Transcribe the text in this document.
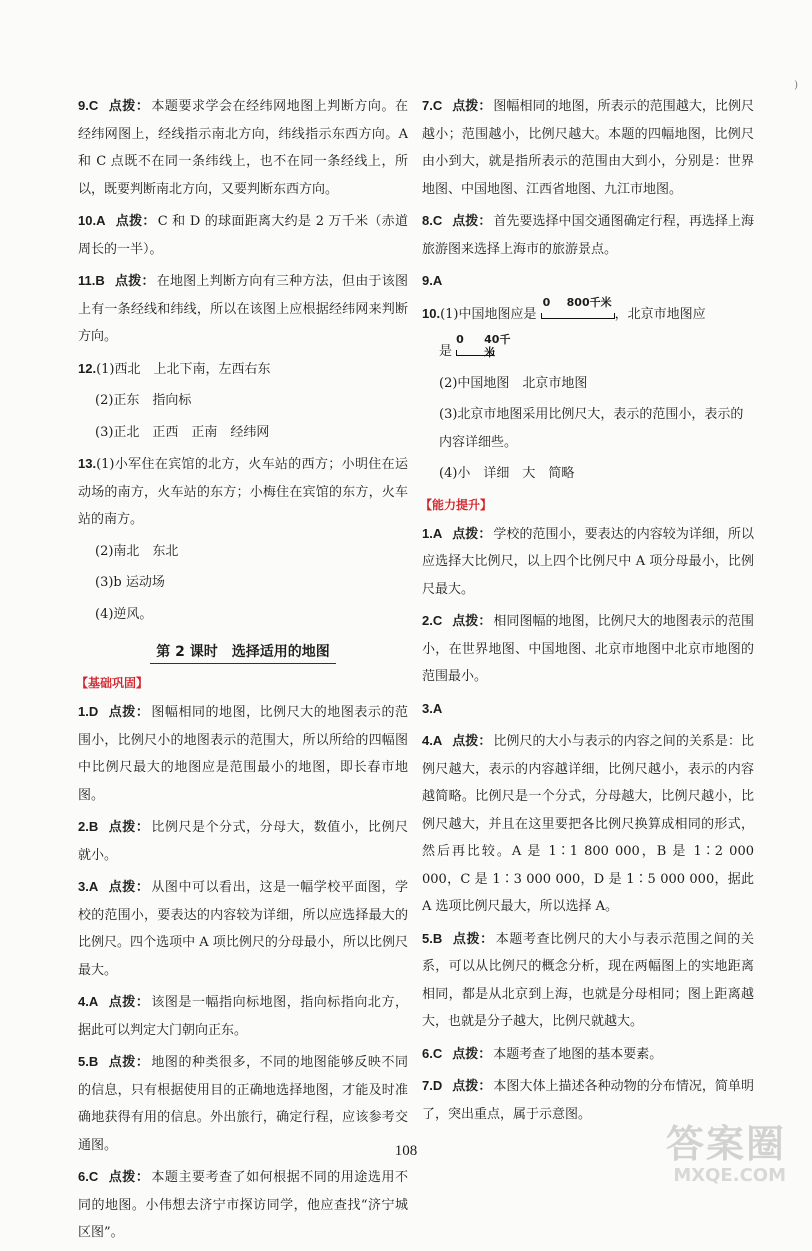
)
9.C 点拨： 本题要求学会在经纬网地图上判断方向。在经纬网图上，经线指示南北方向，纬线指示东西方向。A 和 C 点既不在同一条纬线上，也不在同一条经线上，所以，既要判断南北方向，又要判断东西方向。
10.A 点拨： C 和 D 的球面距离大约是 2 万千米（赤道周长的一半）。
11.B 点拨： 在地图上判断方向有三种方法，但由于该图上有一条经线和纬线，所以在该图上应根据经纬网来判断方向。
12.(1)西北　上北下南，左西右东
(2)正东　指向标
(3)正北　正西　正南　经纬网
13.(1)小军住在宾馆的北方，火车站的西方；小明住在运动场的南方，火车站的东方；小梅住在宾馆的东方，火车站的南方。
(2)南北　东北
(3)b 运动场
(4)逆风。
第 2 课时　选择适用的地图
【基础巩固】
1.D 点拨： 图幅相同的地图，比例尺大的地图表示的范围小，比例尺小的地图表示的范围大，所以所给的四幅图中比例尺最大的地图应是范围最小的地图，即长春市地图。
2.B 点拨： 比例尺是个分式，分母大，数值小，比例尺就小。
3.A 点拨： 从图中可以看出，这是一幅学校平面图，学校的范围小，要表达的内容较为详细，所以应选择最大的比例尺。四个选项中 A 项比例尺的分母最小，所以比例尺最大。
4.A 点拨： 该图是一幅指向标地图，指向标指向北方，据此可以判定大门朝向正东。
5.B 点拨： 地图的种类很多，不同的地图能够反映不同的信息，只有根据使用目的正确地选择地图，才能及时准确地获得有用的信息。外出旅行，确定行程，应该参考交通图。
6.C 点拨： 本题主要考查了如何根据不同的用途选用不同的地图。小伟想去济宁市探访同学，他应查找“济宁城区图”。
7.C 点拨： 图幅相同的地图，所表示的范围越大，比例尺越小；范围越小，比例尺越大。本题的四幅地图，比例尺由小到大，就是指所表示的范围由大到小，分别是：世界地图、中国地图、江西省地图、九江市地图。
8.C 点拨： 首先要选择中国交通图确定行程，再选择上海旅游图来选择上海市的旅游景点。
9.A
10.(1)中国地图应是
0 800千米
，北京市地图应
是
0 40千米
(2)中国地图　北京市地图
(3)北京市地图采用比例尺大，表示的范围小，表示的内容详细些。
(4)小　详细　大　简略
【能力提升】
1.A 点拨： 学校的范围小，要表达的内容较为详细，所以应选择大比例尺，以上四个比例尺中 A 项分母最小，比例尺最大。
2.C 点拨： 相同图幅的地图，比例尺大的地图表示的范围小，在世界地图、中国地图、北京市地图中北京市地图的范围最小。
3.A
4.A 点拨： 比例尺的大小与表示的内容之间的关系是：比例尺越大，表示的内容越详细，比例尺越小，表示的内容越简略。比例尺是一个分式，分母越大，比例尺越小，比例尺越大，并且在这里要把各比例尺换算成相同的形式，然后再比较。A 是 1∶1 800 000，B 是 1∶2 000 000，C 是 1∶3 000 000，D 是 1∶5 000 000，据此 A 选项比例尺最大，所以选择 A。
5.B 点拨： 本题考查比例尺的大小与表示范围之间的关系，可以从比例尺的概念分析，现在两幅图上的实地距离相同，都是从北京到上海，也就是分母相同；图上距离越大，也就是分子越大，比例尺就越大。
6.C 点拨： 本题考查了地图的基本要素。
7.D 点拨： 本图大体上描述各种动物的分布情况，简单明了，突出重点，属于示意图。
108	答案圈
MXQE.COM
